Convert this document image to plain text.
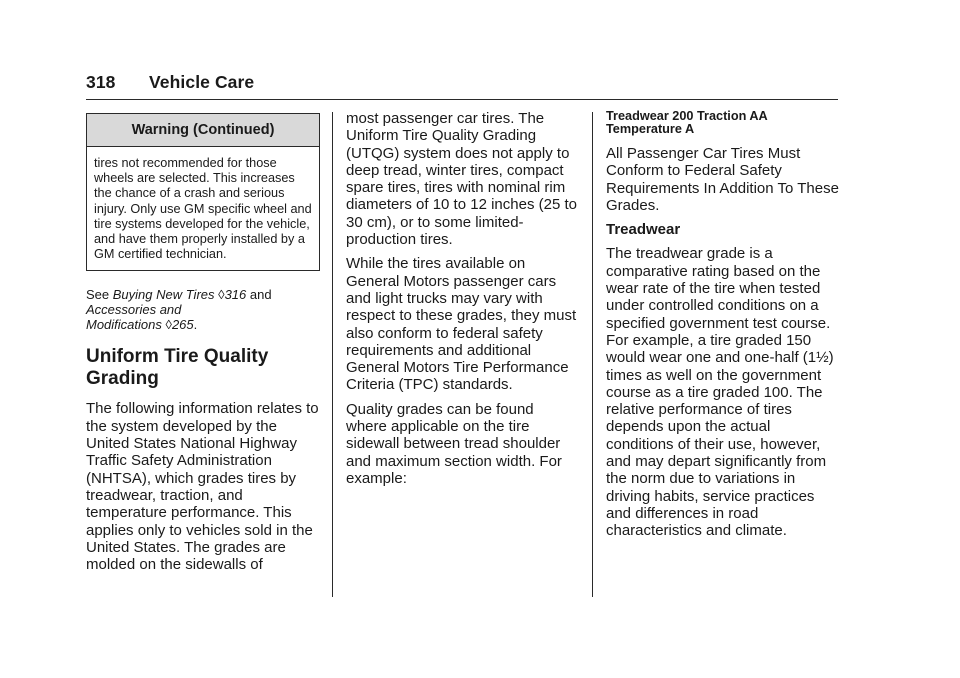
318 Vehicle Care
Warning (Continued)
tires not recommended for those wheels are selected. This increases the chance of a crash and serious injury. Only use GM specific wheel and tire systems developed for the vehicle, and have them properly installed by a GM certified technician.
See Buying New Tires ◊316 and
Accessories and
Modifications ◊265.
Uniform Tire Quality
Grading

The following information relates to the system developed by the United States National Highway Traffic Safety Administration (NHTSA), which grades tires by treadwear, traction, and temperature performance. This applies only to vehicles sold in the United States. The grades are molded on the sidewalls of

most passenger car tires. The Uniform Tire Quality Grading (UTQG) system does not apply to deep tread, winter tires, compact spare tires, tires with nominal rim diameters of 10 to 12 inches (25 to 30 cm), or to some limited-production tires.

While the tires available on General Motors passenger cars and light trucks may vary with respect to these grades, they must also conform to federal safety requirements and additional General Motors Tire Performance Criteria (TPC) standards.

Quality grades can be found where applicable on the tire sidewall between tread shoulder and maximum section width. For example:

Treadwear 200 Traction AA
Temperature A

All Passenger Car Tires Must Conform to Federal Safety Requirements In Addition To These Grades.

Treadwear

The treadwear grade is a comparative rating based on the wear rate of the tire when tested under controlled conditions on a specified government test course. For example, a tire graded 150 would wear one and one-half (1½) times as well on the government course as a tire graded 100. The relative performance of tires depends upon the actual conditions of their use, however, and may depart significantly from the norm due to variations in driving habits, service practices and differences in road characteristics and climate.
